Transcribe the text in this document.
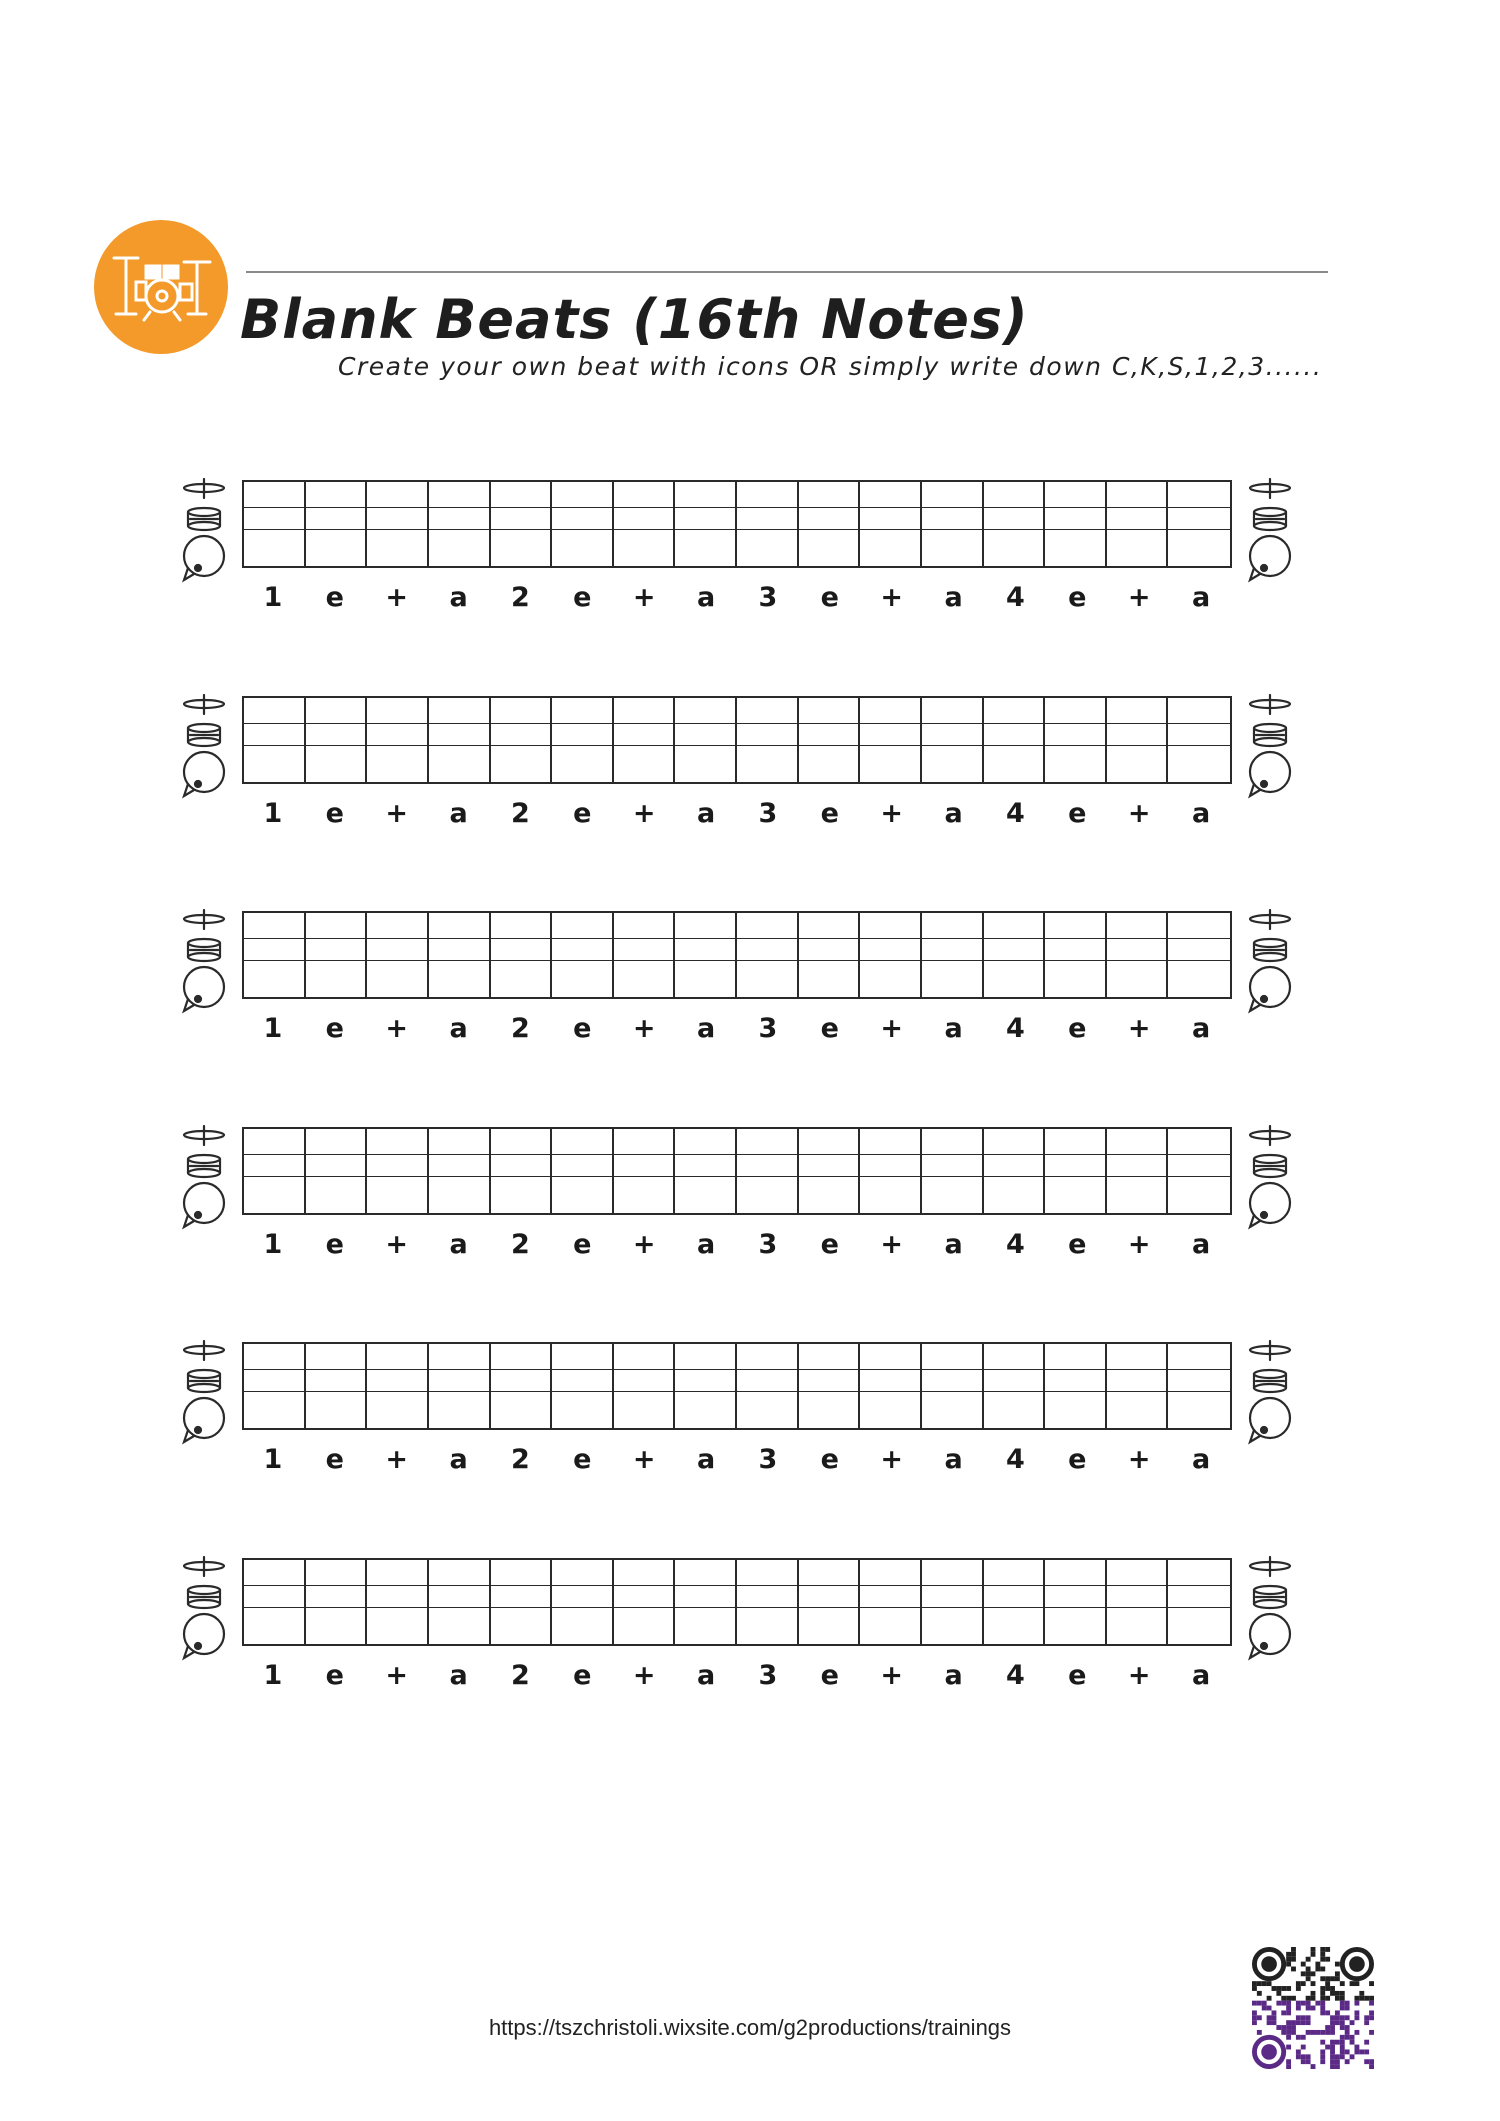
Blank Beats (16th Notes)

Create your own beat with icons OR simply write down C,K,S,1,2,3......

1	e	+	a	2	e	+	a	3	e	+	a	4	e	+	a
1	e	+	a	2	e	+	a	3	e	+	a	4	e	+	a
1	e	+	a	2	e	+	a	3	e	+	a	4	e	+	a
1	e	+	a	2	e	+	a	3	e	+	a	4	e	+	a
1	e	+	a	2	e	+	a	3	e	+	a	4	e	+	a
1	e	+	a	2	e	+	a	3	e	+	a	4	e	+	a
https://tszchristoli.wixsite.com/g2productions/trainings
